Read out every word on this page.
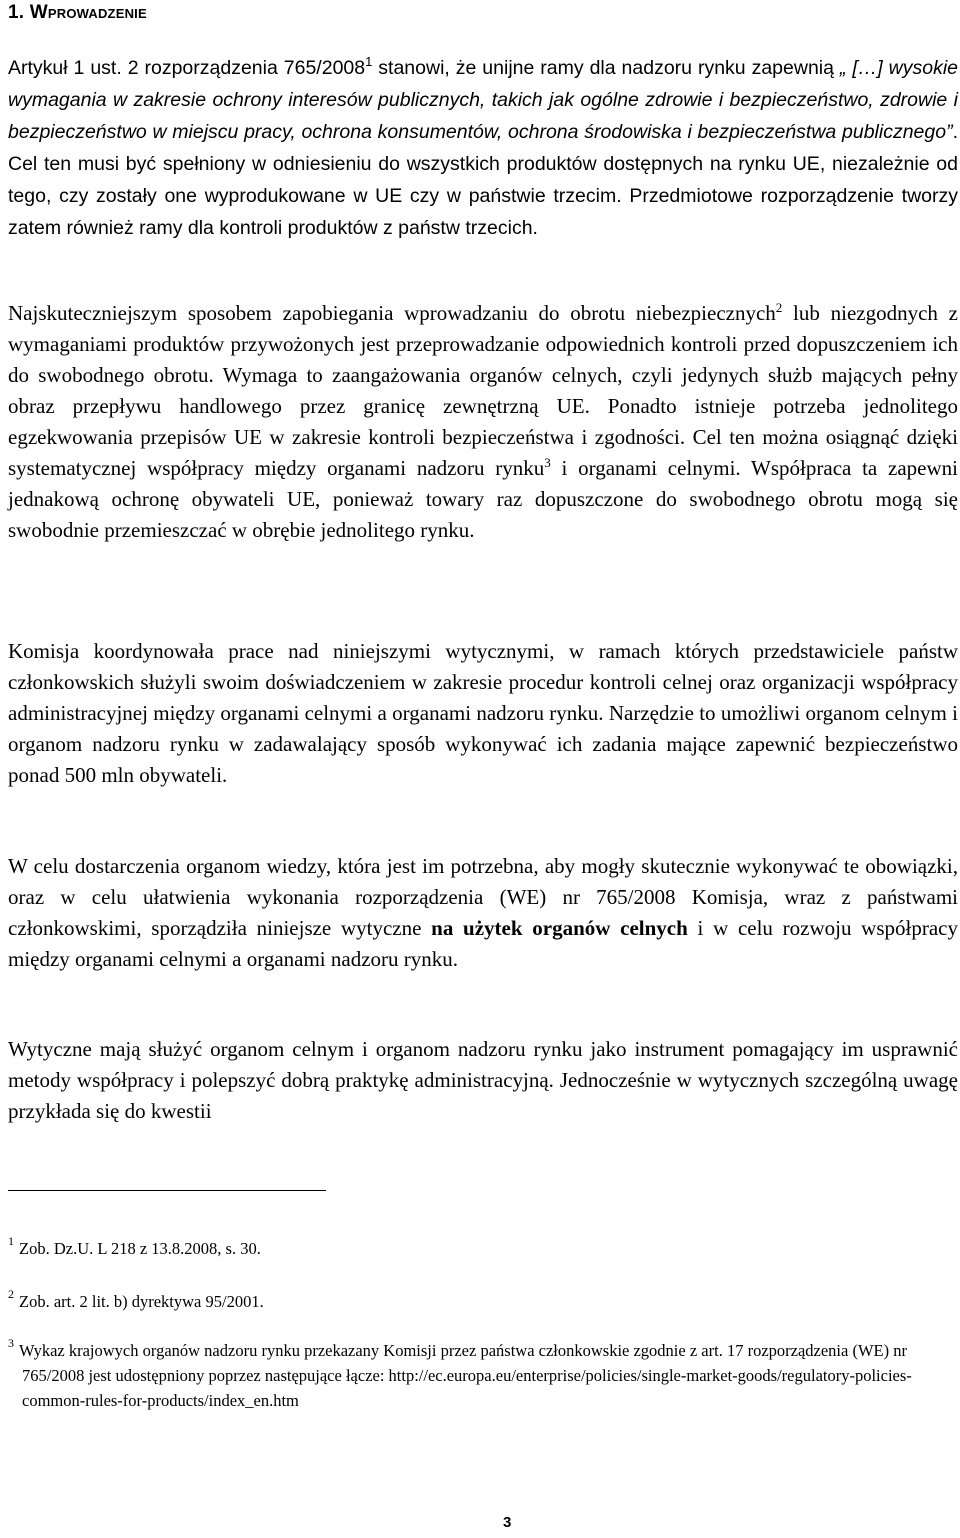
1. Wprowadzenie

Artykuł 1 ust. 2 rozporządzenia 765/2008$^1$ stanowi, że unijne ramy dla nadzoru rynku zapewnią „ […] wysokie wymagania w zakresie ochrony interesów publicznych, takich jak ogólne zdrowie i bezpieczeństwo, zdrowie i bezpieczeństwo w miejscu pracy, ochrona konsumentów, ochrona środowiska i bezpieczeństwa publicznego”. Cel ten musi być spełniony w odniesieniu do wszystkich produktów dostępnych na rynku UE, niezależnie od tego, czy zostały one wyprodukowane w UE czy w państwie trzecim. Przedmiotowe rozporządzenie tworzy zatem również ramy dla kontroli produktów z państw trzecich.

Najskuteczniejszym sposobem zapobiegania wprowadzaniu do obrotu niebezpiecznych$^2$ lub niezgodnych z wymaganiami produktów przywożonych jest przeprowadzanie odpowiednich kontroli przed dopuszczeniem ich do swobodnego obrotu. Wymaga to zaangażowania organów celnych, czyli jedynych służb mających pełny obraz przepływu handlowego przez granicę zewnętrzną UE. Ponadto istnieje potrzeba jednolitego egzekwowania przepisów UE w zakresie kontroli bezpieczeństwa i zgodności. Cel ten można osiągnąć dzięki systematycznej współpracy między organami nadzoru rynku$^3$ i organami celnymi. Współpraca ta zapewni jednakową ochronę obywateli UE, ponieważ towary raz dopuszczone do swobodnego obrotu mogą się swobodnie przemieszczać w obrębie jednolitego rynku.

Komisja koordynowała prace nad niniejszymi wytycznymi, w ramach których przedstawiciele państw członkowskich służyli swoim doświadczeniem w zakresie procedur kontroli celnej oraz organizacji współpracy administracyjnej między organami celnymi a organami nadzoru rynku. Narzędzie to umożliwi organom celnym i organom nadzoru rynku w zadawalający sposób wykonywać ich zadania mające zapewnić bezpieczeństwo ponad 500 mln obywateli.

W celu dostarczenia organom wiedzy, która jest im potrzebna, aby mogły skutecznie wykonywać te obowiązki, oraz w celu ułatwienia wykonania rozporządzenia (WE) nr 765/2008 Komisja, wraz z państwami członkowskimi, sporządziła niniejsze wytyczne na użytek organów celnych i w celu rozwoju współpracy między organami celnymi a organami nadzoru rynku.

Wytyczne mają służyć organom celnym i organom nadzoru rynku jako instrument pomagający im usprawnić metody współpracy i polepszyć dobrą praktykę administracyjną. Jednocześnie w wytycznych szczególną uwagę przykłada się do kwestii

$^1$ Zob. Dz.U. L 218 z 13.8.2008, s. 30.

$^2$ Zob. art. 2 lit. b) dyrektywa 95/2001.

$^3$ Wykaz krajowych organów nadzoru rynku przekazany Komisji przez państwa członkowskie zgodnie z art. 17 rozporządzenia (WE) nr 765/2008 jest udostępniony poprzez następujące łącze: http://ec.europa.eu/enterprise/policies/single-market-goods/regulatory-policies-common-rules-for-products/index_en.htm

3
